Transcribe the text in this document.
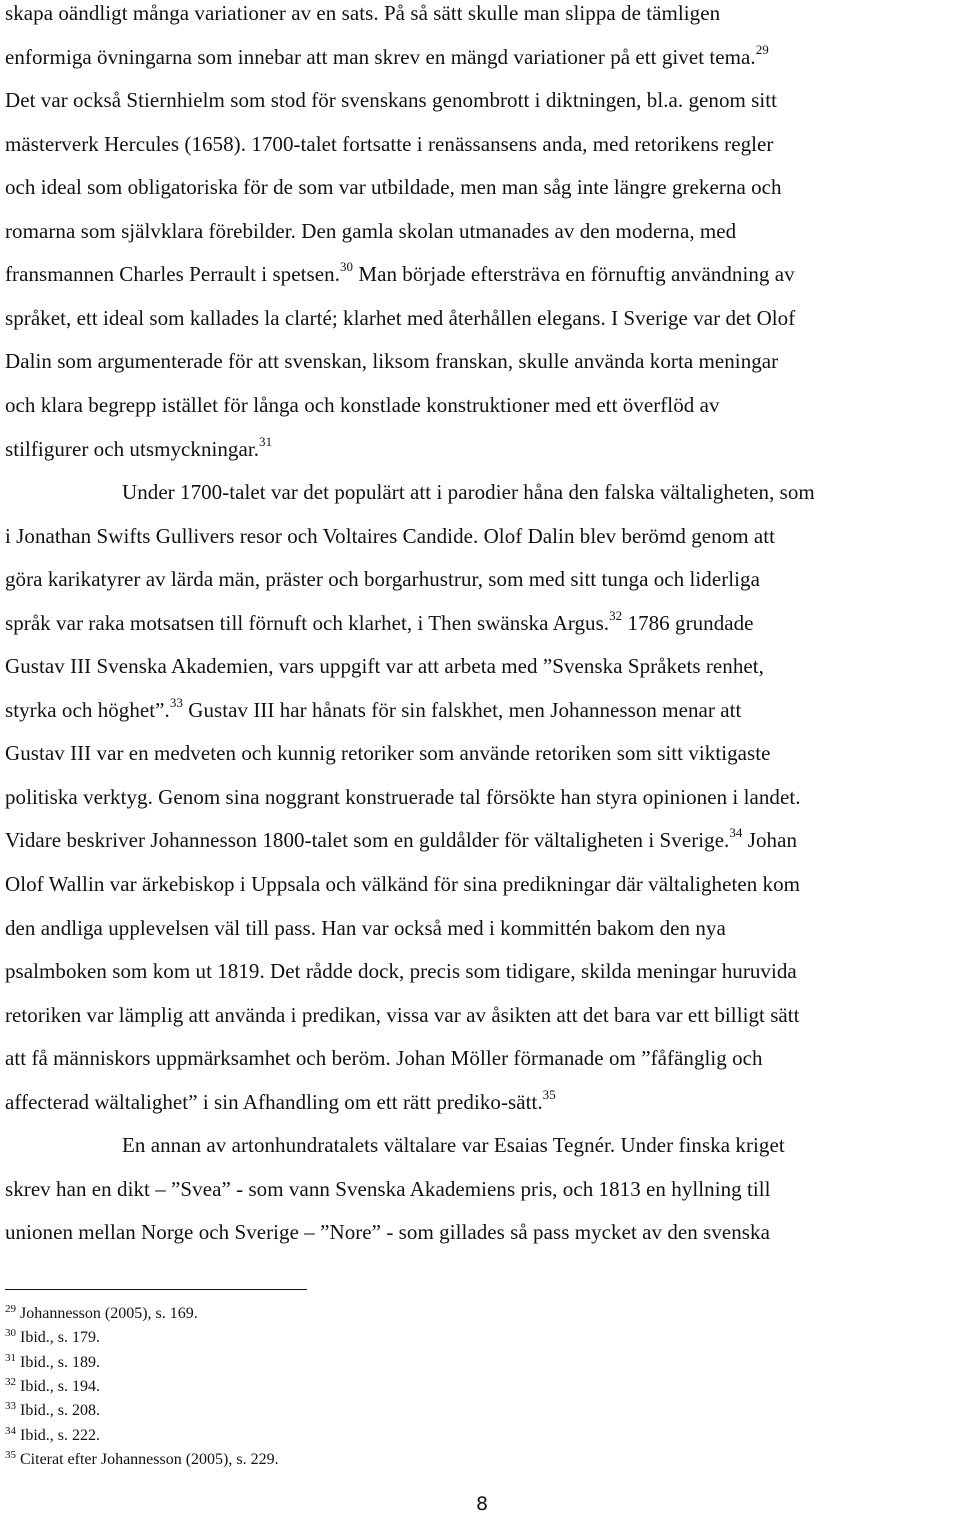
skapa oändligt många variationer av en sats. På så sätt skulle man slippa de tämligen
enformiga övningarna som innebar att man skrev en mängd variationer på ett givet tema.$^{29}$
Det var också Stiernhielm som stod för svenskans genombrott i diktningen, bl.a. genom sitt
mästerverk Hercules (1658). 1700-talet fortsatte i renässansens anda, med retorikens regler
och ideal som obligatoriska för de som var utbildade, men man såg inte längre grekerna och
romarna som självklara förebilder. Den gamla skolan utmanades av den moderna, med
fransmannen Charles Perrault i spetsen.$^{30}$ Man började eftersträva en förnuftig användning av
språket, ett ideal som kallades la clarté; klarhet med återhållen elegans. I Sverige var det Olof
Dalin som argumenterade för att svenskan, liksom franskan, skulle använda korta meningar
och klara begrepp istället för långa och konstlade konstruktioner med ett överflöd av
stilfigurer och utsmyckningar.$^{31}$
Under 1700-talet var det populärt att i parodier håna den falska vältaligheten, som
i Jonathan Swifts Gullivers resor och Voltaires Candide. Olof Dalin blev berömd genom att
göra karikatyrer av lärda män, präster och borgarhustrur, som med sitt tunga och liderliga
språk var raka motsatsen till förnuft och klarhet, i Then swänska Argus.$^{32}$ 1786 grundade
Gustav III Svenska Akademien, vars uppgift var att arbeta med ”Svenska Språkets renhet,
styrka och höghet”.$^{33}$ Gustav III har hånats för sin falskhet, men Johannesson menar att
Gustav III var en medveten och kunnig retoriker som använde retoriken som sitt viktigaste
politiska verktyg. Genom sina noggrant konstruerade tal försökte han styra opinionen i landet.
Vidare beskriver Johannesson 1800-talet som en guldålder för vältaligheten i Sverige.$^{34}$ Johan
Olof Wallin var ärkebiskop i Uppsala och välkänd för sina predikningar där vältaligheten kom
den andliga upplevelsen väl till pass. Han var också med i kommittén bakom den nya
psalmboken som kom ut 1819. Det rådde dock, precis som tidigare, skilda meningar huruvida
retoriken var lämplig att använda i predikan, vissa var av åsikten att det bara var ett billigt sätt
att få människors uppmärksamhet och beröm. Johan Möller förmanade om ”fåfänglig och
affecterad wältalighet” i sin Afhandling om ett rätt prediko-sätt.$^{35}$
En annan av artonhundratalets vältalare var Esaias Tegnér. Under finska kriget
skrev han en dikt – ”Svea” - som vann Svenska Akademiens pris, och 1813 en hyllning till
unionen mellan Norge och Sverige – ”Nore” - som gillades så pass mycket av den svenska
$^{29}$ Johannesson (2005), s. 169.
$^{30}$ Ibid., s. 179.
$^{31}$ Ibid., s. 189.
$^{32}$ Ibid., s. 194.
$^{33}$ Ibid., s. 208.
$^{34}$ Ibid., s. 222.
$^{35}$ Citerat efter Johannesson (2005), s. 229.
8
